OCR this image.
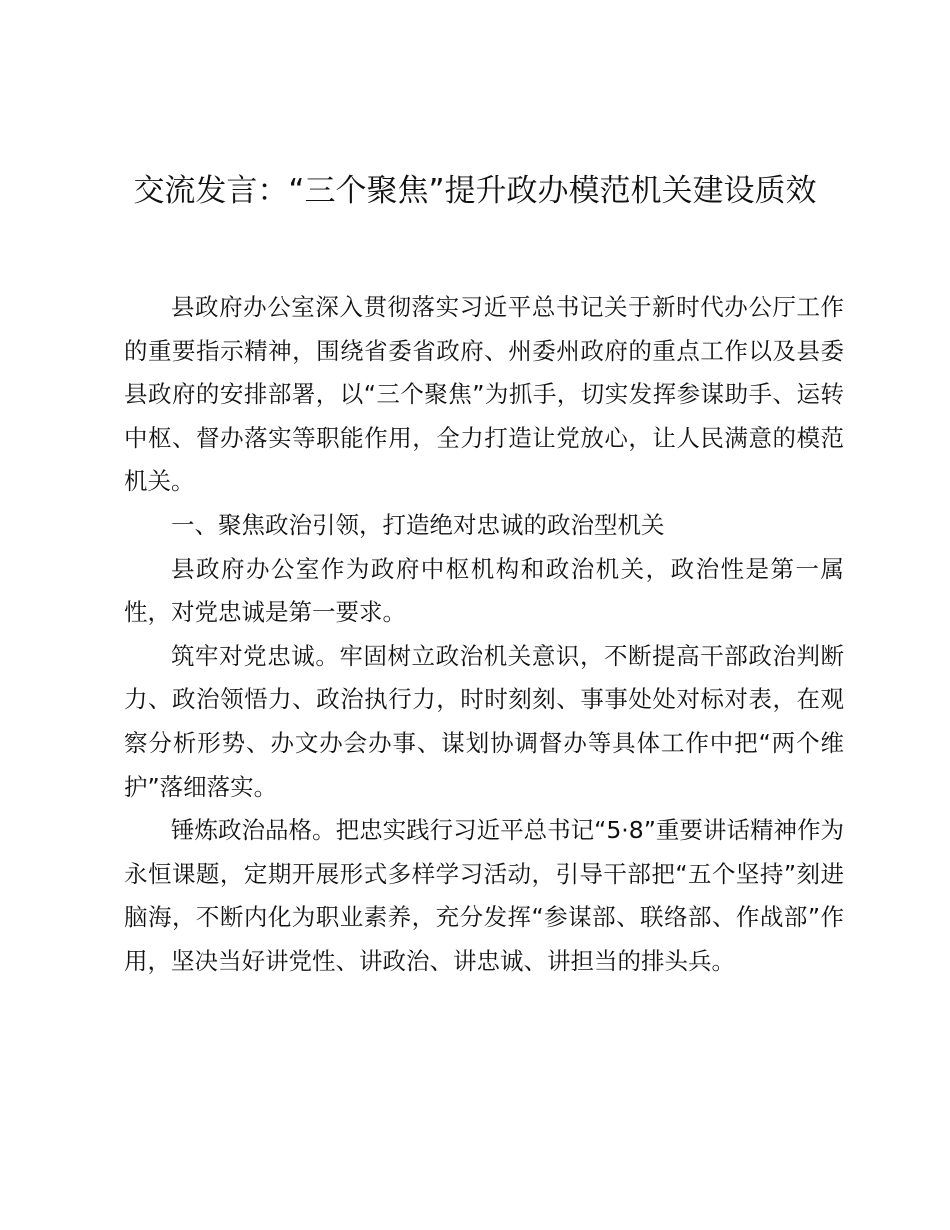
交流发言：“三个聚焦”提升政办模范机关建设质效

县政府办公室深入贯彻落实习近平总书记关于新时代办公厅工作的重要指示精神，围绕省委省政府、州委州政府的重点工作以及县委县政府的安排部署，以“三个聚焦”为抓手，切实发挥参谋助手、运转中枢、督办落实等职能作用，全力打造让党放心，让人民满意的模范机关。

一、聚焦政治引领，打造绝对忠诚的政治型机关

县政府办公室作为政府中枢机构和政治机关，政治性是第一属性，对党忠诚是第一要求。

筑牢对党忠诚。牢固树立政治机关意识，不断提高干部政治判断力、政治领悟力、政治执行力，时时刻刻、事事处处对标对表，在观察分析形势、办文办会办事、谋划协调督办等具体工作中把“两个维护”落细落实。

锤炼政治品格。把忠实践行习近平总书记“5·8”重要讲话精神作为永恒课题，定期开展形式多样学习活动，引导干部把“五个坚持”刻进脑海，不断内化为职业素养，充分发挥“参谋部、联络部、作战部”作用，坚决当好讲党性、讲政治、讲忠诚、讲担当的排头兵。
